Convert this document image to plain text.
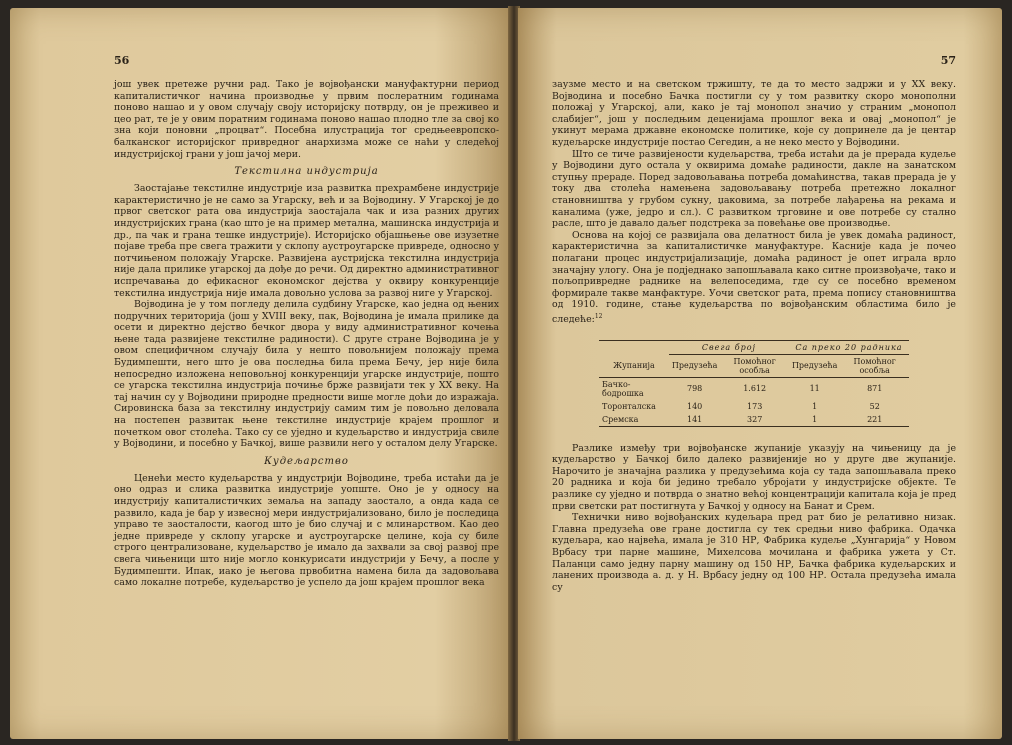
56

још увек претеже ручни рад. Тако је војвођански мануфактурни период капиталистичког начина производње у првим послератним годинама поново нашао и у овом случају своју историјску потврду, он је преживео и цео рат, те је у овим поратним годинама поново нашао плодно тле за свој ко зна који поновни „процват“. Посебна илустрација тог средњеевропско-балканског историјског привредног анархизма може се наћи у следећој индустријској грани у још јачој мери.

Текстилна индустрија

Заостајање текстилне индустрије иза развитка прехрамбене индустрије карактеристично је не само за Угарску, већ и за Војводину. У Угарској је до првог светског рата ова индустрија заостајала чак и иза разних других индустријских грана (као што је на пример метална, машинска индустрија и др., па чак и грана тешке индустрије). Историјско објашњење ове изузетне појаве треба пре свега тражити у склопу аустроугарске привреде, односно у потчињеном положају Угарске. Развијена аустријска текстилна индустрија није дала прилике угарској да дође до речи. Од директно административног испречавања до ефикасног економског дејства у оквиру конкуренције текстилна индустрија није имала довољно услова за развој ниге у Угарској.

Војводина је у том погледу делила судбину Угарске, као једна од њених подручних територија (још у XVIII веку, пак, Војводина је имала прилике да осети и директно дејство бечког двора у виду административног кочења њене тада развијене текстилне радиности). С друге стране Војводина је у овом специфичном случају била у нешто повољнијем положају према Будимпешти, него што је ова последња била према Бечу, јер није била непосредно изложена неповољној конкуренцији угарске индустрије, пошто се угарска текстилна индустрија почиње брже развијати тек у XX веку. На тај начин су у Војводини природне предности више могле доћи до изражаја. Сировинска база за текстилну индустрију самим тим је повољно деловала на постепен развитак њене текстилне индустрије крајем прошлог и почетком овог столећа. Тако су се уједно и кудељарство и индустрија свиле у Војводини, и посебно у Бачкој, више развили него у осталом делу Угарске.

Кудељарство

Ценећи место кудељарства у индустрији Војводине, треба истаћи да је оно одраз и слика развитка индустрије уопште. Оно је у односу на индустрију капиталистичких земаља на западу заостало, а онда када се развило, када је бар у извесној мери индустријализовано, било је последица управо те заосталости, каогод што је био случај и с млинарством. Као део једне привреде у склопу угарске и аустроугарске целине, која су биле строго централизоване, кудељарство је имало да захвали за свој развој пре свега чињеници што није могло конкурисати индустрији у Бечу, а после у Будимпешти. Ипак, иако је његова првобитна намена била да задовољава само локалне потребе, кудељарство је успело да још крајем прошлог века

57

заузме место и на светском тржишту, те да то место задржи и у XX веку. Војводина и посебно Бачка постигли су у том развитку скоро монополни положај у Угарској, али, како је тај монопол значио у страним „монопол слабијег“, још у последњим деценијама прошлог века и овај „монопол“ је укинут мерама државне економске политике, које су допринеле да је центар кудељарске индустрије постао Сегедин, а не неко место у Војводини.

Што се тиче развијености кудељарства, треба истаћи да је прерада кудеље у Војводини дуго остала у оквирима домаће радиности, дакле на занатском ступњу прераде. Поред задовољавања потреба домаћинства, такав прерада је у току два столећа намењена задовољавању потреба претежно локалног становништва у грубом сукну, џаковима, за потребе лађарења на рекама и каналима (уже, једро и сл.). С развитком трговине и ове потребе су стално расле, што је давало даљег подстрека за повећање ове производње.

Основа на којој се развијала ова делатност била је увек домаћа радиност, карактеристична за капиталистичке мануфактуре. Касније када је почео полагани процес индустријализације, домаћа радиност је опет играла врло значајну улогу. Она је подједнако запошљавала како ситне произвођаче, тако и пољопривредне раднике на велепоседима, где су се посебно временом формирале такве манфактуре. Уочи светског рата, према попису становништва од 1910. године, стање кудељарства по војвођанским областима било је следеће:$^{12}$

	Свега број		Са преко 20 радника	
Жупанија	Предузећа	Помоћног особља	Предузећа	Помоћног особља
Бачко-бодрошка	798	1.612	11	871
Торонталска	140	173	1	52
Сремска	141	327	1	221

Разлике између три војвођанске жупаније указују на чињеницу да је кудељарство у Бачкој било далеко развијеније но у друге две жупаније. Нарочито је значајна разлика у предузећима која су тада запошљавала преко 20 радника и која би једино требало убројати у индустријске објекте. Те разлике су уједно и потврда о знатно већој концентрацији капитала која је пред први светски рат постигнута у Бачкој у односу на Банат и Срем.

Технички ниво војвођанских кудељара пред рат био је релативно низак. Главна предузећа ове гране достигла су тек средњи ниво фабрика. Одачка кудељара, као највећа, имала је 310 НР, Фабрика кудеље „Хунгарија“ у Новом Врбасу три парне машине, Михелсова мочилана и фабрика ужета у Ст. Паланци само једну парну машину од 150 НР, Бачка фабрика кудељарских и ланених производа а. д. у Н. Врбасу једну од 100 НР. Остала предузећа имала су
